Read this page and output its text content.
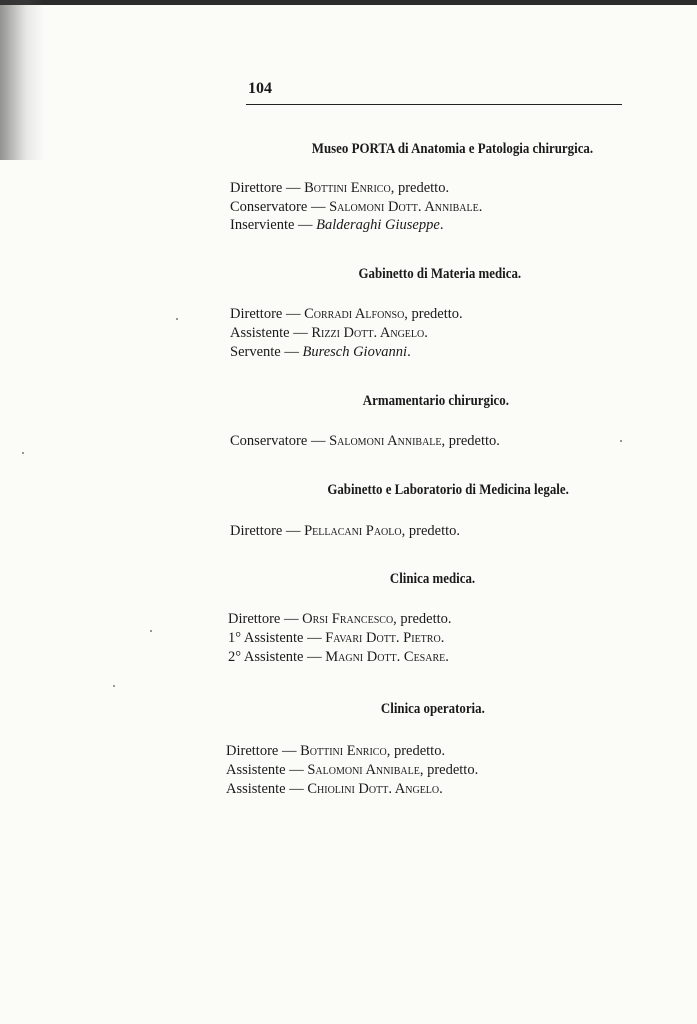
104
Museo PORTA di Anatomia e Patologia chirurgica.
Direttore — Bottini Enrico, predetto.
Conservatore — Salomoni Dott. Annibale.
Inserviente — Balderaghi Giuseppe.
Gabinetto di Materia medica.
Direttore — Corradi Alfonso, predetto.
Assistente — Rizzi Dott. Angelo.
Servente — Buresch Giovanni.
Armamentario chirurgico.
Conservatore — Salomoni Annibale, predetto.
Gabinetto e Laboratorio di Medicina legale.
Direttore — Pellacani Paolo, predetto.
Clinica medica.
Direttore — Orsi Francesco, predetto.
1° Assistente — Favari Dott. Pietro.
2° Assistente — Magni Dott. Cesare.
Clinica operatoria.
Direttore — Bottini Enrico, predetto.
Assistente — Salomoni Annibale, predetto.
Assistente — Chiolini Dott. Angelo.
